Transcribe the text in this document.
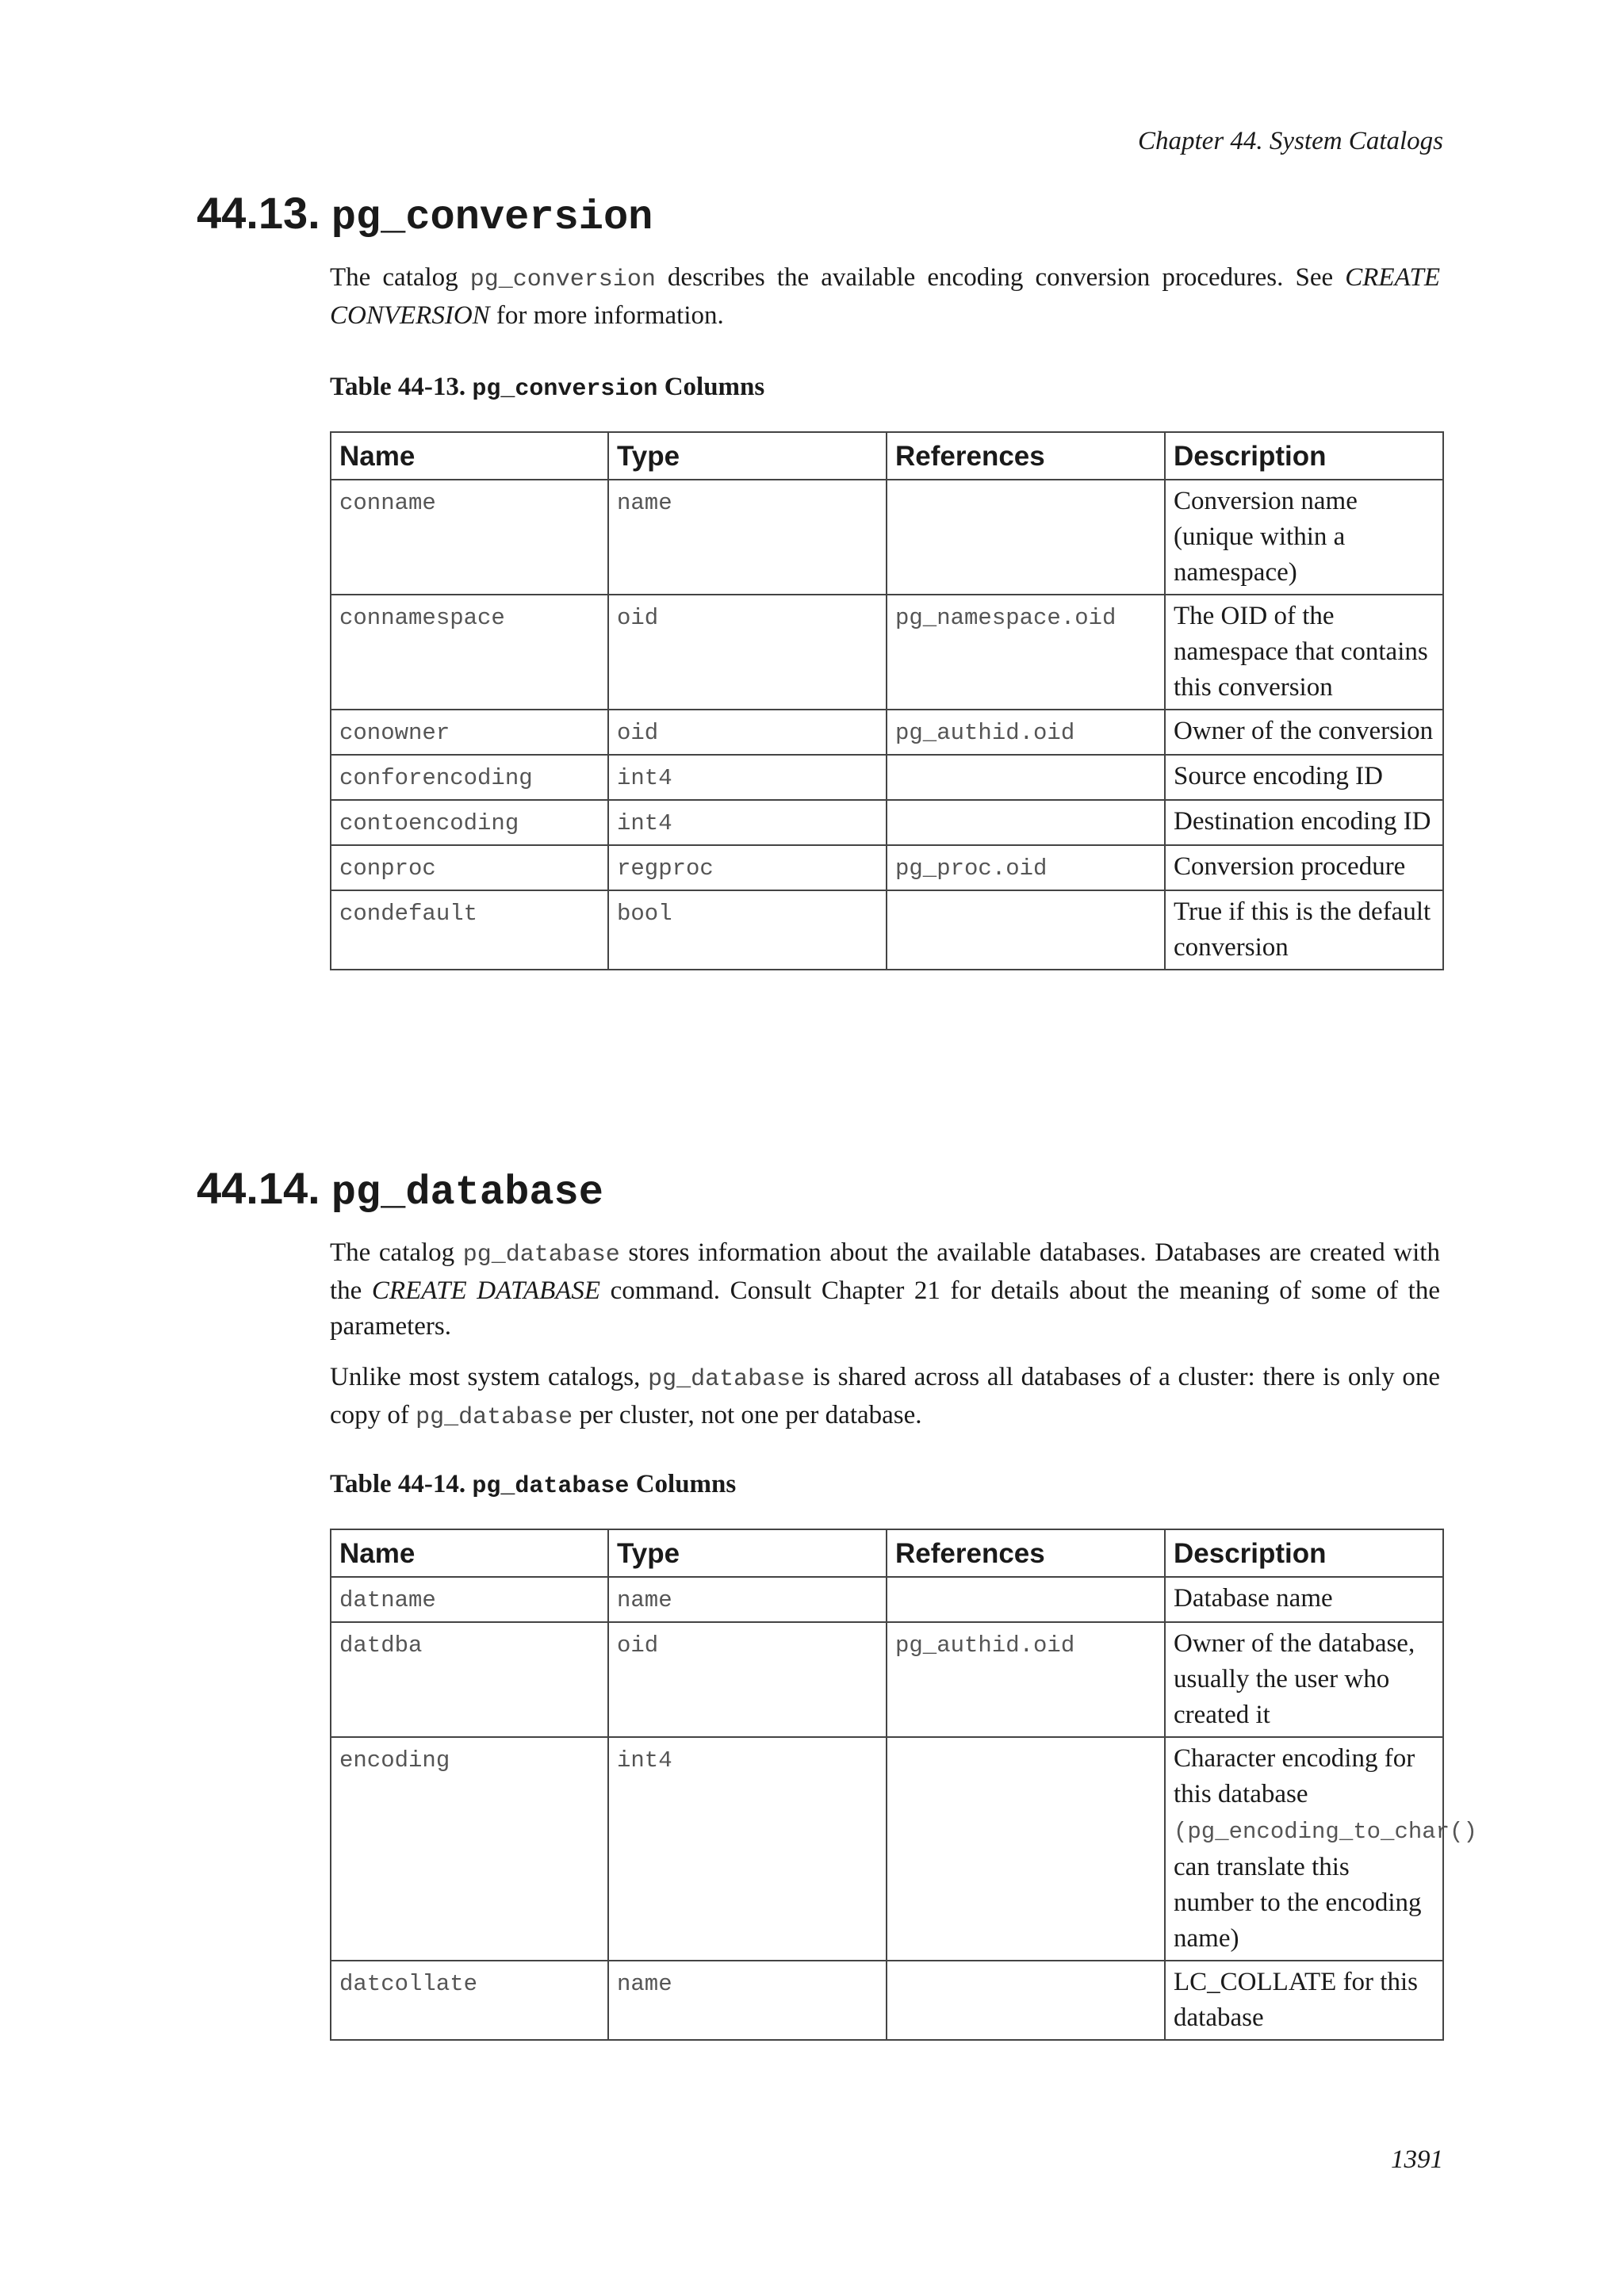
Chapter 44. System Catalogs
44.13. pg_conversion

The catalog pg_conversion describes the available encoding conversion procedures. See CREATE CONVERSION for more information.

Table 44-13. pg_conversion Columns

Name	Type	References	Description
conname	name		Conversion name (unique within a namespace)
connamespace	oid	pg_namespace.oid	The OID of the namespace that contains this conversion
conowner	oid	pg_authid.oid	Owner of the conversion
conforencoding	int4		Source encoding ID
contoencoding	int4		Destination encoding ID
conproc	regproc	pg_proc.oid	Conversion procedure
condefault	bool		True if this is the default conversion
44.14. pg_database

The catalog pg_database stores information about the available databases. Databases are created with the CREATE DATABASE command. Consult Chapter 21 for details about the meaning of some of the parameters.

Unlike most system catalogs, pg_database is shared across all databases of a cluster: there is only one copy of pg_database per cluster, not one per database.

Table 44-14. pg_database Columns

Name	Type	References	Description
datname	name		Database name
datdba	oid	pg_authid.oid	Owner of the database, usually the user who created it
encoding	int4		Character encoding for this database
(pg_encoding_to_char()
can translate this number to the encoding name)
datcollate	name		LC_COLLATE for this database
1391
